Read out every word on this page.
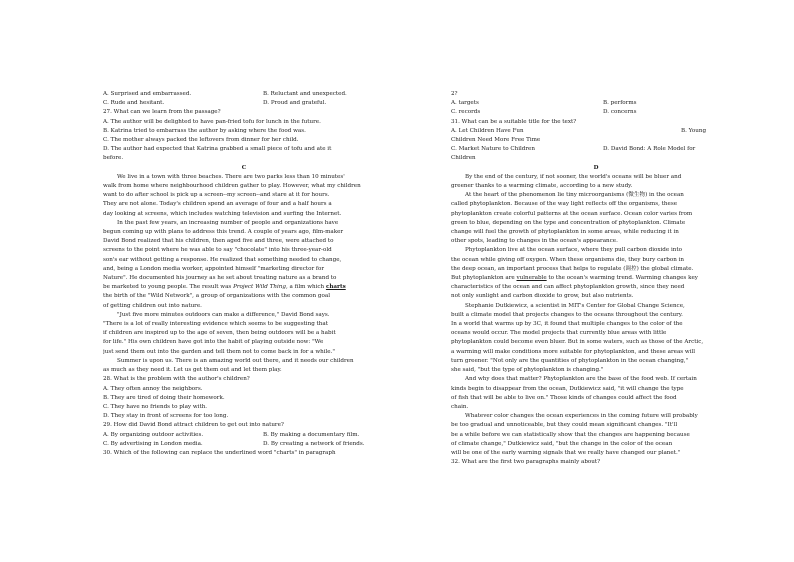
A. Surprised and embarrassed.	B. Reluctant and unexpected.
C. Rude and hesitant.	D. Proud and grateful.
27. What can we learn from the passage?
A. The author will be delighted to have pan-fried tofu for lunch in the future.
B. Katrina tried to embarrass the author by asking where the food was.
C. The mother always packed the leftovers from dinner for her child.
D. The author had expected that Katrina grabbed a small piece of tofu and ate it
before.
C
We live in a town with three beaches. There are two parks less than 10 minutes'
walk from home where neighbourhood children gather to play. However, what my children
want to do after school is pick up a screen--my screen--and stare at it for hours.
They are not alone. Today's children spend an average of four and a half hours a
day looking at screens, which includes watching television and surfing the Internet.
In the past few years, an increasing number of people and organizations have
begun coming up with plans to address this trend. A couple of years ago, film-maker
David Bond realized that his children, then aged five and three, were attached to
screens to the point where he was able to say "chocolate" into his three-year-old
son's ear without getting a response. He realized that something needed to change,
and, being a London media worker, appointed himself "marketing director for
Nature". He documented his journey as he set about treating nature as a brand to
be marketed to young people. The result was Project Wild Thing, a film which charts
the birth of the "Wild Network", a group of organizations with the common goal
of getting children out into nature.
"Just five more minutes outdoors can make a difference," David Bond says.
"There is a lot of really interesting evidence which seems to be suggesting that
if children are inspired up to the age of seven, then being outdoors will be a habit
for life." His own children have got into the habit of playing outside now: "We
just send them out into the garden and tell them not to come back in for a while."
Summer is upon us. There is an amazing world out there, and it needs our children
as much as they need it. Let us get them out and let them play.
28. What is the problem with the author's children?
A. They often annoy the neighbors.
B. They are tired of doing their homework.
C. They have no friends to play with.
D. They stay in front of screens for too long.
29. How did David Bond attract children to get out into nature?
A. By organizing outdoor activities.	B. By making a documentary film.
C. By advertising in London media.	D. By creating a network of friends.
30. Which of the following can replace the underlined word "charts" in paragraph
2?
A. targets	B. performs
C. records	D. concerns
31. What can be a suitable title for the text?
A. Let Children Have Fun	B. Young
Children Need More Free Time
C. Market Nature to Children	D. David Bond: A Role Model for
Children
D
By the end of the century, if not sooner, the world's oceans will be bluer and
greener thanks to a warming climate, according to a new study.
At the heart of the phenomenon lie tiny microorganisms (微生物) in the ocean
called phytoplankton. Because of the way light reflects off the organisms, these
phytoplankton create colorful patterns at the ocean surface. Ocean color varies from
green to blue, depending on the type and concentration of phytoplankton. Climate
change will fuel the growth of phytoplankton in some areas, while reducing it in
other spots, leading to changes in the ocean's appearance.
Phytoplankton live at the ocean surface, where they pull carbon dioxide into
the ocean while giving off oxygen. When these organisms die, they bury carbon in
the deep ocean, an important process that helps to regulate (调控) the global climate.
But phytoplankton are vulnerable to the ocean's warming trend. Warming changes key
characteristics of the ocean and can affect phytoplankton growth, since they need
not only sunlight and carbon dioxide to grow, but also nutrients.
Stephanie Dutkiewicz, a scientist in MIT's Center for Global Change Science,
built a climate model that projects changes to the oceans throughout the century.
In a world that warms up by 3C, it found that multiple changes to the color of the
oceans would occur. The model projects that currently blue areas with little
phytoplankton could become even bluer. But in some waters, such as those of the Arctic,
a warming will make conditions more suitable for phytoplankton, and these areas will
turn greener. "Not only are the quantities of phytoplankton in the ocean changing,"
she said, "but the type of phytoplankton is changing."
And why does that matter? Phytoplankton are the base of the food web. If certain
kinds begin to disappear from the ocean, Dutkiewicz said, "it will change the type
of fish that will be able to live on." Those kinds of changes could affect the food
chain.
Whatever color changes the ocean experiences in the coming future will probably
be too gradual and unnoticeable, but they could mean significant changes. "It'll
be a while before we can statistically show that the changes are happening because
of climate change," Dutkiewicz said, "but the change in the color of the ocean
will be one of the early warning signals that we really have changed our planet."
32. What are the first two paragraphs mainly about?
